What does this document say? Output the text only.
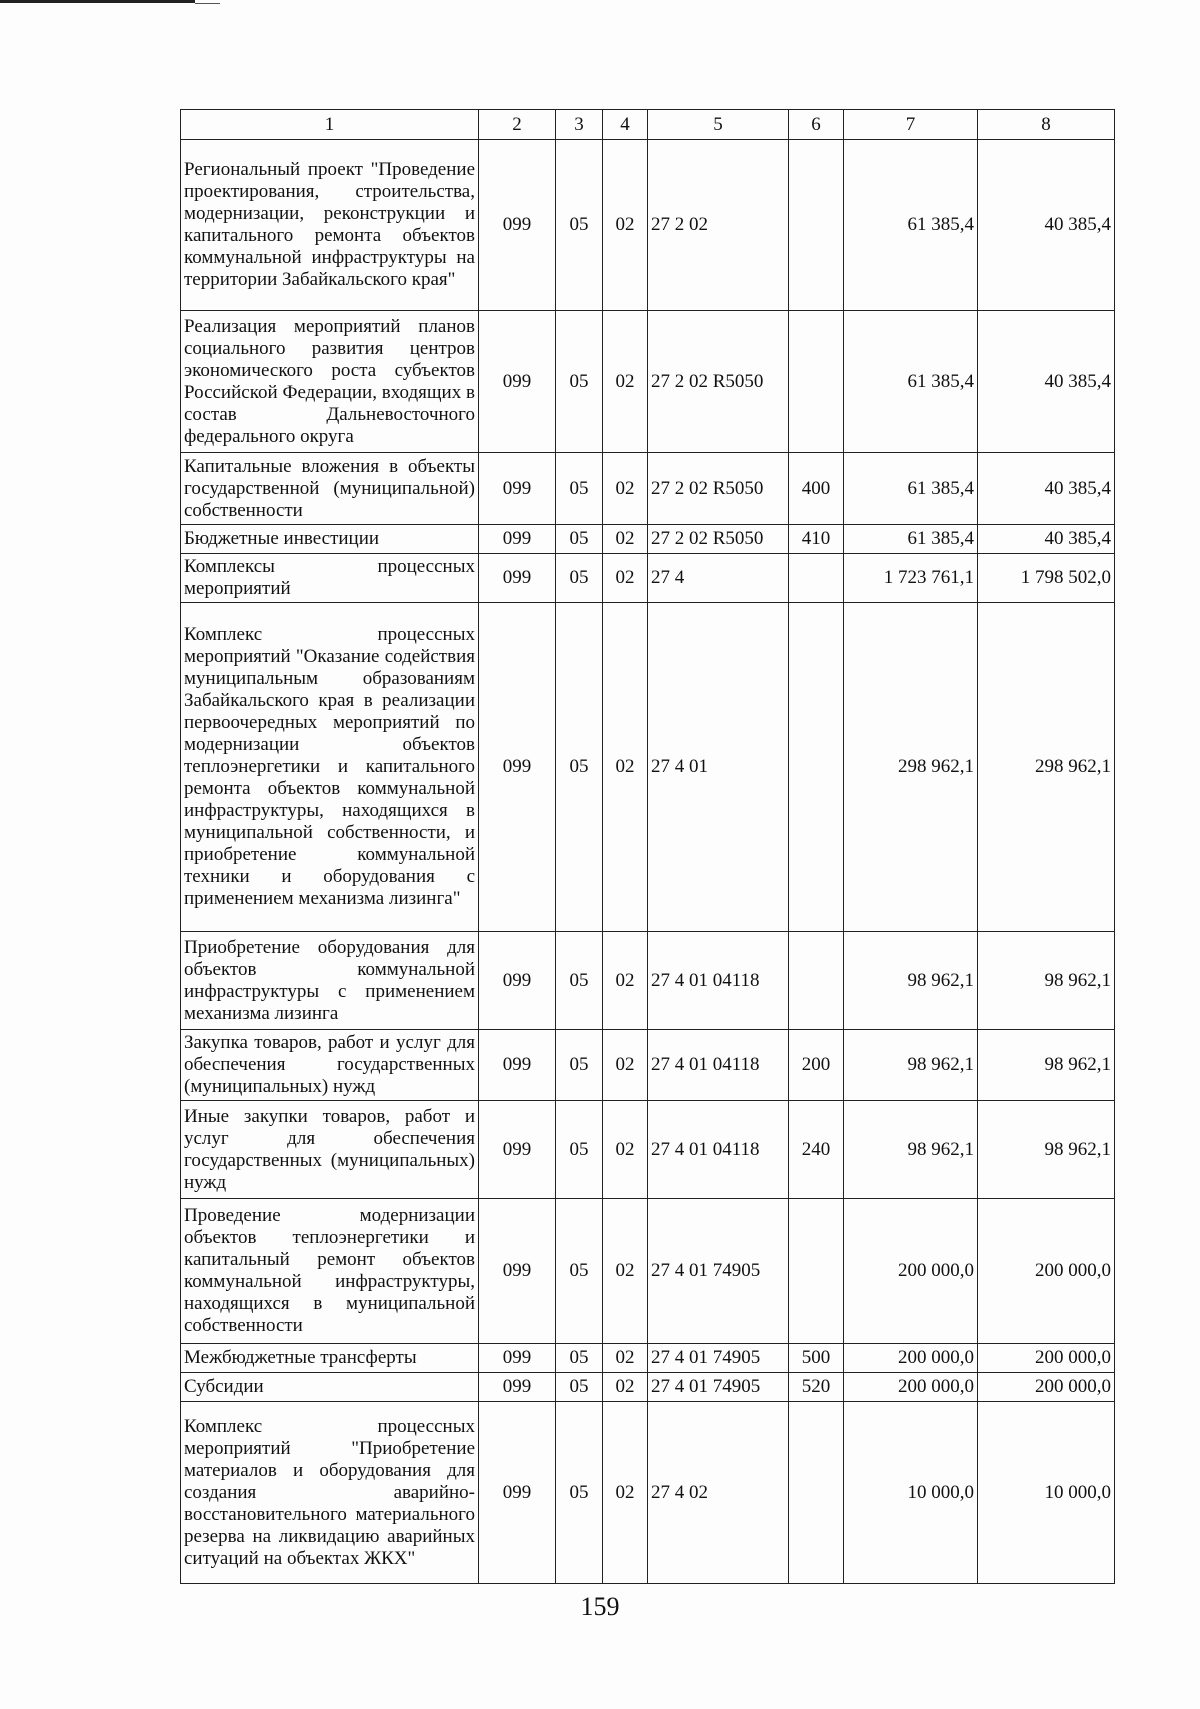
1	2	3	4	5	6	7	8
Региональный проект "Проведение проектирования, строительства, модернизации, реконструкции и капитального ремонта объектов коммунальной инфраструктуры на территории Забайкальского края"	099	05	02	27 2 02		61 385,4	40 385,4
Реализация мероприятий планов социального развития центров экономического роста субъектов Российской Федерации, входящих в состав Дальневосточного федерального округа	099	05	02	27 2 02 R5050		61 385,4	40 385,4
Капитальные вложения в объекты государственной (муниципальной) собственности	099	05	02	27 2 02 R5050	400	61 385,4	40 385,4
Бюджетные инвестиции	099	05	02	27 2 02 R5050	410	61 385,4	40 385,4
Комплексы процессных мероприятий	099	05	02	27 4		1 723 761,1	1 798 502,0
Комплекс процессных мероприятий "Оказание содействия муниципальным образованиям Забайкальского края в реализации первоочередных мероприятий по модернизации объектов теплоэнергетики и капитального ремонта объектов коммунальной инфраструктуры, находящихся в муниципальной собственности, и приобретение коммунальной техники и оборудования с применением механизма лизинга"	099	05	02	27 4 01		298 962,1	298 962,1
Приобретение оборудования для объектов коммунальной инфраструктуры с применением механизма лизинга	099	05	02	27 4 01 04118		98 962,1	98 962,1
Закупка товаров, работ и услуг для обеспечения государственных (муниципальных) нужд	099	05	02	27 4 01 04118	200	98 962,1	98 962,1
Иные закупки товаров, работ и услуг для обеспечения государственных (муниципальных) нужд	099	05	02	27 4 01 04118	240	98 962,1	98 962,1
Проведение модернизации объектов теплоэнергетики и капитальный ремонт объектов коммунальной инфраструктуры, находящихся в муниципальной собственности	099	05	02	27 4 01 74905		200 000,0	200 000,0
Межбюджетные трансферты	099	05	02	27 4 01 74905	500	200 000,0	200 000,0
Субсидии	099	05	02	27 4 01 74905	520	200 000,0	200 000,0
Комплекс процессных мероприятий "Приобретение материалов и оборудования для создания аварийно-восстановительного материального резерва на ликвидацию аварийных ситуаций на объектах ЖКХ"	099	05	02	27 4 02		10 000,0	10 000,0
159
